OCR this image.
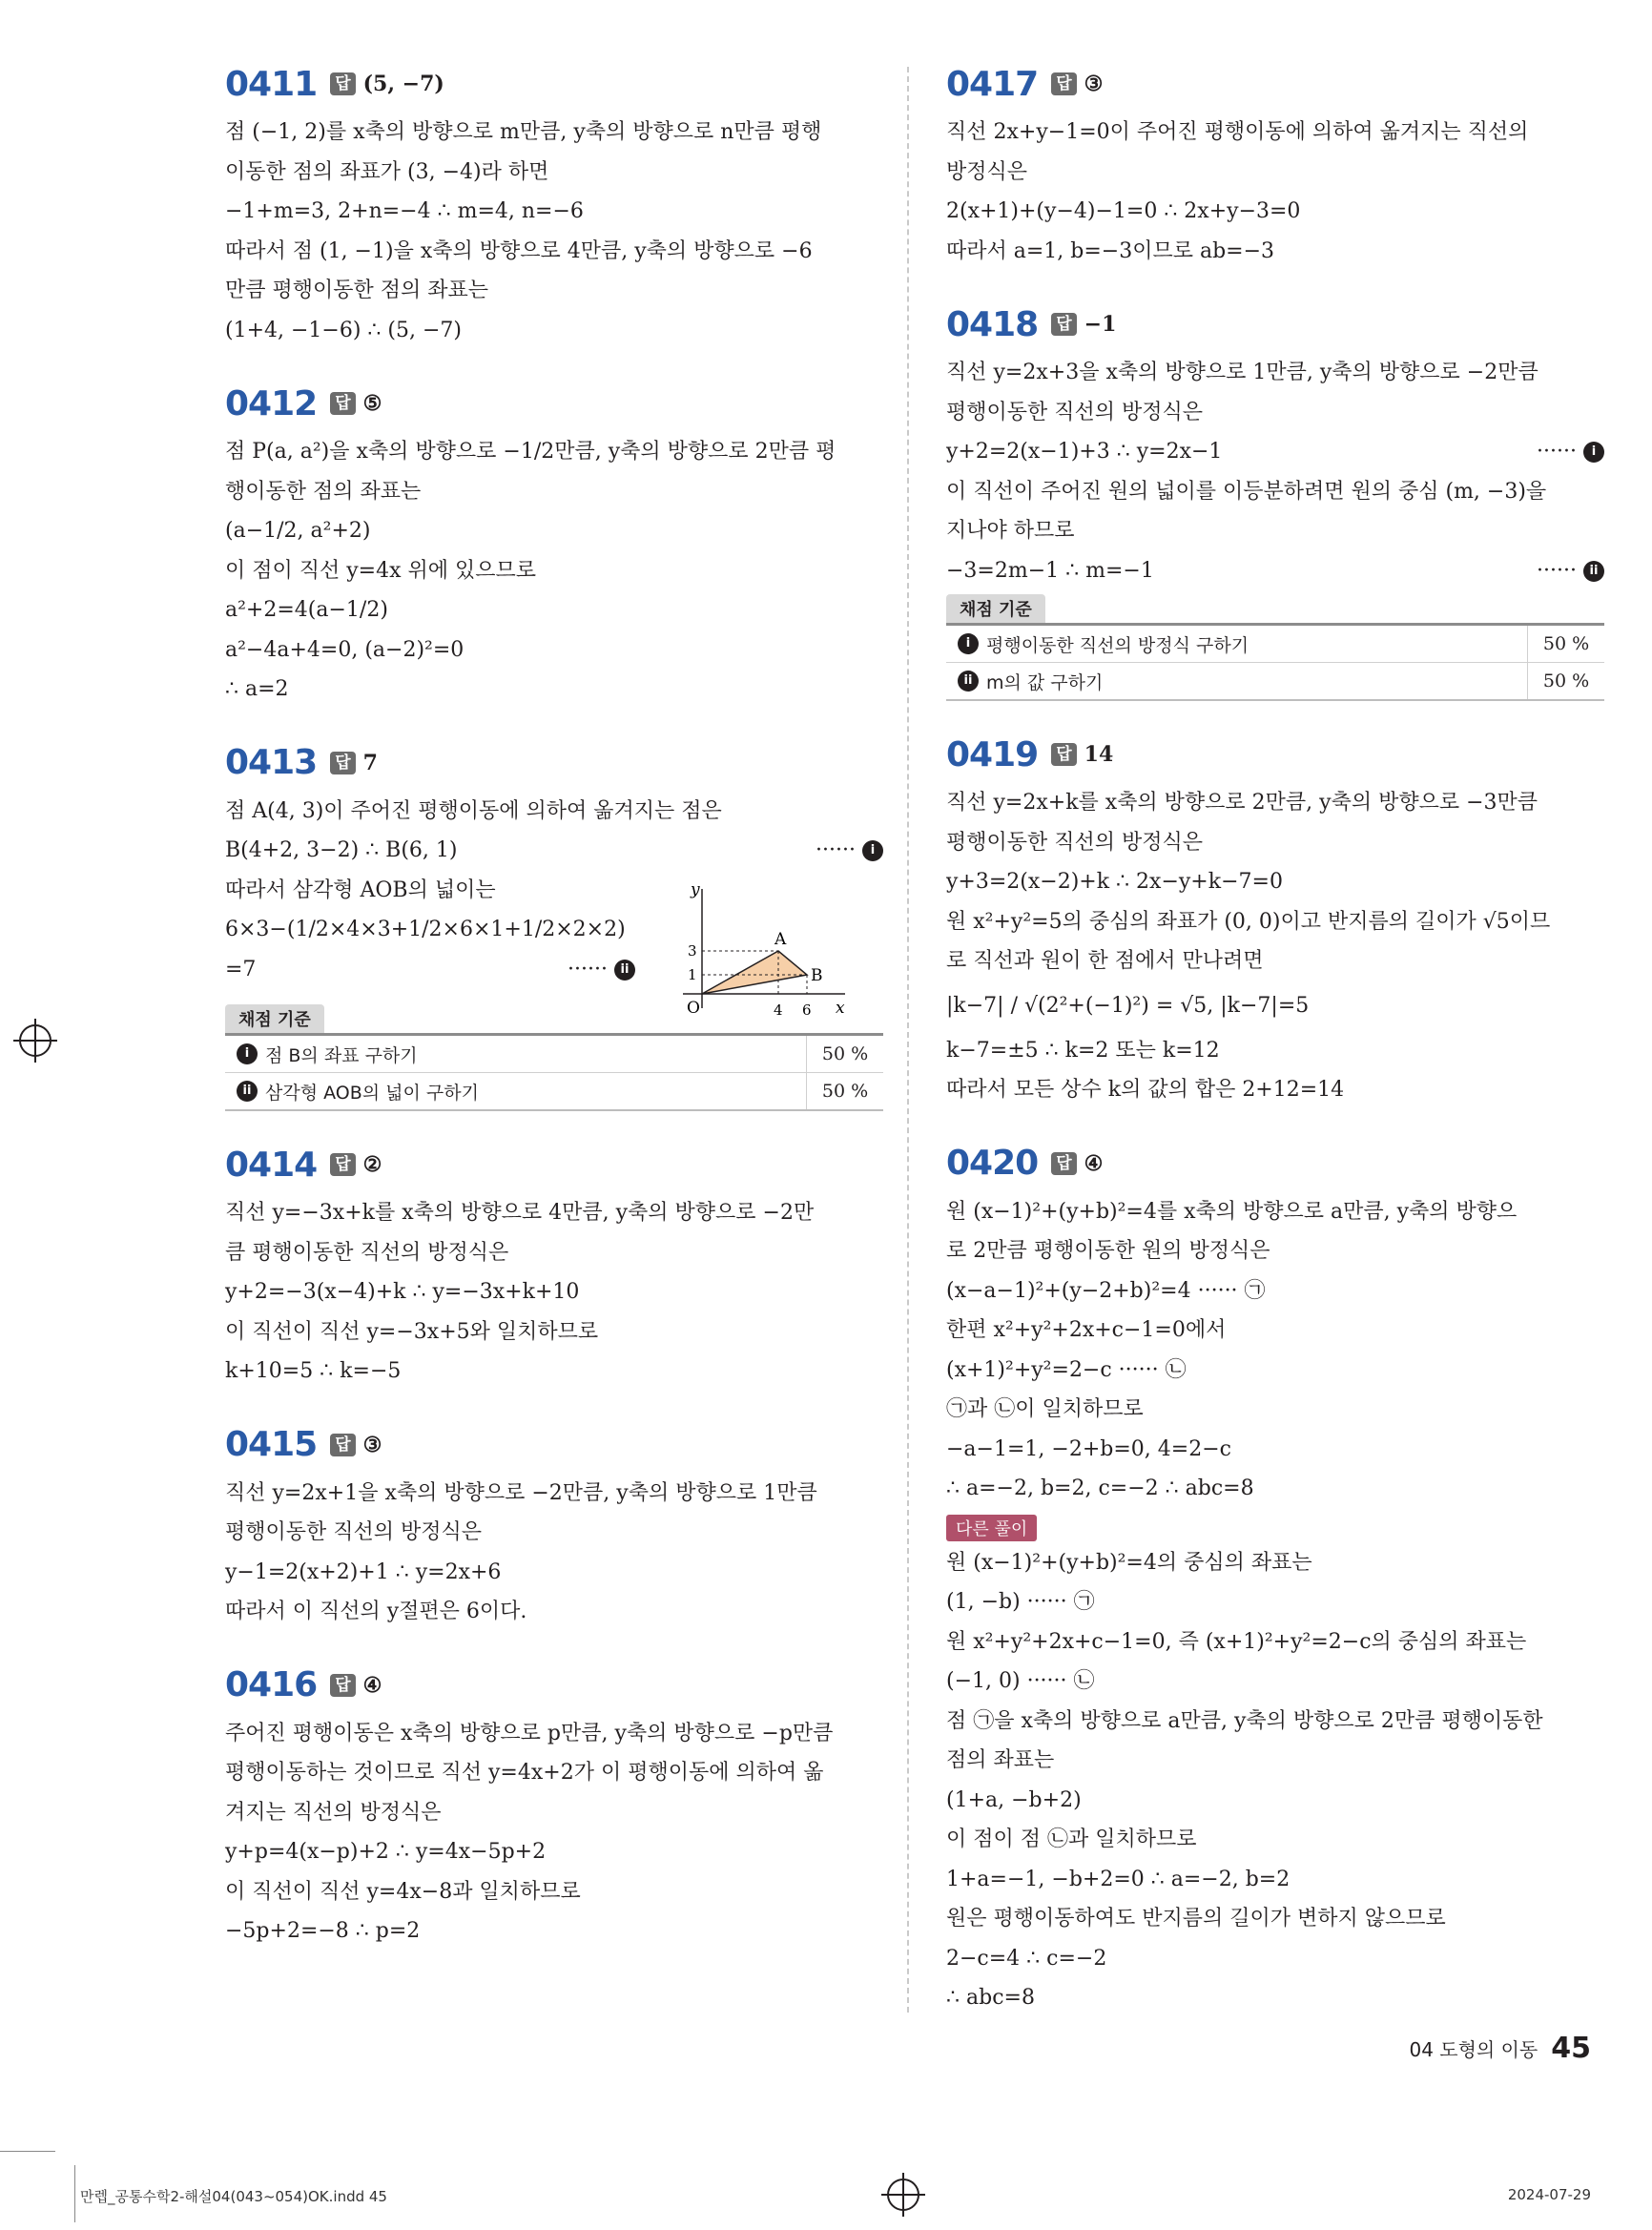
0411 답 (5, −7)
점 (−1, 2)를 x축의 방향으로 m만큼, y축의 방향으로 n만큼 평행
이동한 점의 좌표가 (3, −4)라 하면
−1+m=3, 2+n=−4 ∴ m=4, n=−6
따라서 점 (1, −1)을 x축의 방향으로 4만큼, y축의 방향으로 −6
만큼 평행이동한 점의 좌표는
(1+4, −1−6) ∴ (5, −7)
0412 답 ⑤
점 P(a, a²)을 x축의 방향으로 −1/2만큼, y축의 방향으로 2만큼 평
행이동한 점의 좌표는
(a−1/2, a²+2)
이 점이 직선 y=4x 위에 있으므로
a²+2=4(a−1/2)
a²−4a+4=0, (a−2)²=0
∴ a=2
0413 답 7
점 A(4, 3)이 주어진 평행이동에 의하여 옮겨지는 점은
B(4+2, 3−2) ∴ B(6, 1)	······ i
따라서 삼각형 AOB의 넓이는
6×3−(1/2×4×3+1/2×6×1+1/2×2×2)
=7	······ ii
y
x
O
A
B
4 6
3
1
채점 기준
i 점 B의 좌표 구하기	50 %
ii 삼각형 AOB의 넓이 구하기	50 %
0414 답 ②
직선 y=−3x+k를 x축의 방향으로 4만큼, y축의 방향으로 −2만
큼 평행이동한 직선의 방정식은
y+2=−3(x−4)+k ∴ y=−3x+k+10
이 직선이 직선 y=−3x+5와 일치하므로
k+10=5 ∴ k=−5
0415 답 ③
직선 y=2x+1을 x축의 방향으로 −2만큼, y축의 방향으로 1만큼
평행이동한 직선의 방정식은
y−1=2(x+2)+1 ∴ y=2x+6
따라서 이 직선의 y절편은 6이다.
0416 답 ④
주어진 평행이동은 x축의 방향으로 p만큼, y축의 방향으로 −p만큼
평행이동하는 것이므로 직선 y=4x+2가 이 평행이동에 의하여 옮
겨지는 직선의 방정식은
y+p=4(x−p)+2 ∴ y=4x−5p+2
이 직선이 직선 y=4x−8과 일치하므로
−5p+2=−8 ∴ p=2
0417 답 ③
직선 2x+y−1=0이 주어진 평행이동에 의하여 옮겨지는 직선의
방정식은
2(x+1)+(y−4)−1=0 ∴ 2x+y−3=0
따라서 a=1, b=−3이므로 ab=−3
0418 답 −1
직선 y=2x+3을 x축의 방향으로 1만큼, y축의 방향으로 −2만큼
평행이동한 직선의 방정식은
y+2=2(x−1)+3 ∴ y=2x−1	······ i
이 직선이 주어진 원의 넓이를 이등분하려면 원의 중심 (m, −3)을
지나야 하므로
−3=2m−1 ∴ m=−1	······ ii
채점 기준
i 평행이동한 직선의 방정식 구하기	50 %
ii m의 값 구하기	50 %
0419 답 14
직선 y=2x+k를 x축의 방향으로 2만큼, y축의 방향으로 −3만큼
평행이동한 직선의 방정식은
y+3=2(x−2)+k ∴ 2x−y+k−7=0
원 x²+y²=5의 중심의 좌표가 (0, 0)이고 반지름의 길이가 √5이므
로 직선과 원이 한 점에서 만나려면
|k−7| / √(2²+(−1)²) = √5, |k−7|=5
k−7=±5 ∴ k=2 또는 k=12
따라서 모든 상수 k의 값의 합은 2+12=14
0420 답 ④
원 (x−1)²+(y+b)²=4를 x축의 방향으로 a만큼, y축의 방향으
로 2만큼 평행이동한 원의 방정식은
(x−a−1)²+(y−2+b)²=4 ······ ㉠
한편 x²+y²+2x+c−1=0에서
(x+1)²+y²=2−c ······ ㉡
㉠과 ㉡이 일치하므로
−a−1=1, −2+b=0, 4=2−c
∴ a=−2, b=2, c=−2 ∴ abc=8
다른 풀이
원 (x−1)²+(y+b)²=4의 중심의 좌표는
(1, −b) ······ ㉠
원 x²+y²+2x+c−1=0, 즉 (x+1)²+y²=2−c의 중심의 좌표는
(−1, 0) ······ ㉡
점 ㉠을 x축의 방향으로 a만큼, y축의 방향으로 2만큼 평행이동한
점의 좌표는
(1+a, −b+2)
이 점이 점 ㉡과 일치하므로
1+a=−1, −b+2=0 ∴ a=−2, b=2
원은 평행이동하여도 반지름의 길이가 변하지 않으므로
2−c=4 ∴ c=−2
∴ abc=8
04 도형의 이동 45
만렙_공통수학2-해설04(043~054)OK.indd 45	2024-07-29
